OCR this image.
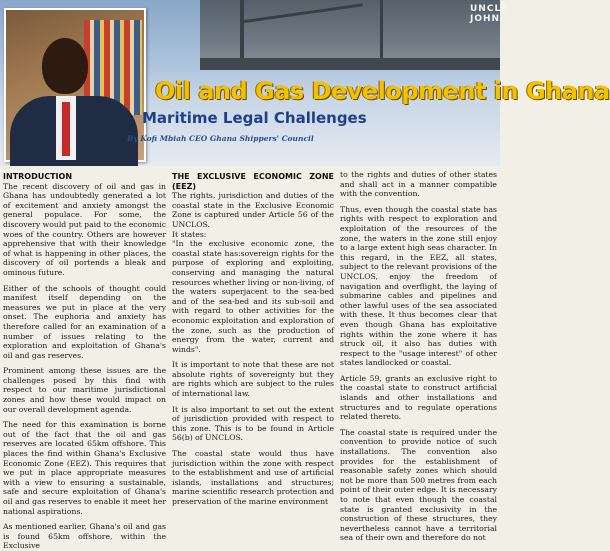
UNCLE JOHN
Oil and Gas Development in Ghana
Maritime Legal Challenges
By Kofi Mbiah CEO Ghana Shippers' Council
INTRODUCTION

The recent discovery of oil and gas in Ghana has undoubtedly generated a lot of excitement and anxiety amongst the general populace. For some, the discovery would put paid to the economic woes of the country. Others are however apprehensive that with their knowledge of what is happening in other places, the discovery of oil portends a bleak and ominous future.

Either of the schools of thought could manifest itself depending on the measures we put in place at the very onset. The euphoria and anxiety has therefore called for an examination of a number of issues relating to the exploration and exploitation of Ghana's oil and gas reserves.

Prominent among these issues are the challenges posed by this find with respect to our maritime jurisdictional zones and how these would impact on our overall development agenda.

The need for this examination is borne out of the fact that the oil and gas reserves are located 65km offshore. This places the find within Ghana's Exclusive Economic Zone (EEZ). This requires that we put in place appropriate measures with a view to ensuring a sustainable, safe and secure exploitation of Ghana's oil and gas reserves to enable it meet her national aspirations.

As mentioned earlier, Ghana's oil and gas is found 65km offshore, within the Exclusive

THE EXCLUSIVE ECONOMIC ZONE (EEZ)

The rights, jurisdiction and duties of the coastal state in the Exclusive Economic Zone is captured under Article 56 of the UNCLOS.

It states:

"In the exclusive economic zone, the coastal state has:sovereign rights for the purpose of exploring and exploiting, conserving and managing the natural resources whether living or non-living, of the waters superjacent to the sea-bed and of the sea-bed and its sub-soil and with regard to other activities for the economic exploitation and exploration of the zone, such as the production of energy from the water, current and winds".

It is important to note that these are not absolute rights of sovereignty but they are rights which are subject to the rules of international law.

It is also important to set out the extent of jurisdiction provided with respect to this zone. This is to be found in Article 56(b) of UNCLOS.

The coastal state would thus have jurisdiction within the zone with respect to the establishment and use of artificial islands, installations and structures; marine scientific research protection and preservation of the marine environment

to the rights and duties of other states and shall act in a manner compatible with the convention.

Thus, even though the coastal state has rights with respect to exploration and exploitation of the resources of the zone, the waters in the zone still enjoy to a large extent high seas character. In this regard, in the EEZ, all states, subject to the relevant provisions of the UNCLOS, enjoy the freedom of navigation and overflight, the laying of submarine cables and pipelines and other lawful uses of the sea associated with these. It thus becomes clear that even though Ghana has exploitative rights within the zone where it has struck oil, it also has duties with respect to the "usage interest" of other states landlocked or coastal.

Article 59, grants an exclusive right to the coastal state to construct artificial islands and other installations and structures and to regulate operations related thereto.

The coastal state is required under the convention to provide notice of such installations. The convention also provides for the establishment of reasonable safety zones which should not be more than 500 metres from each point of their outer edge. It is necessary to note that even though the coastal state is granted exclusivity in the construction of these structures, they nevertheless cannot have a territorial sea of their own and therefore do not
